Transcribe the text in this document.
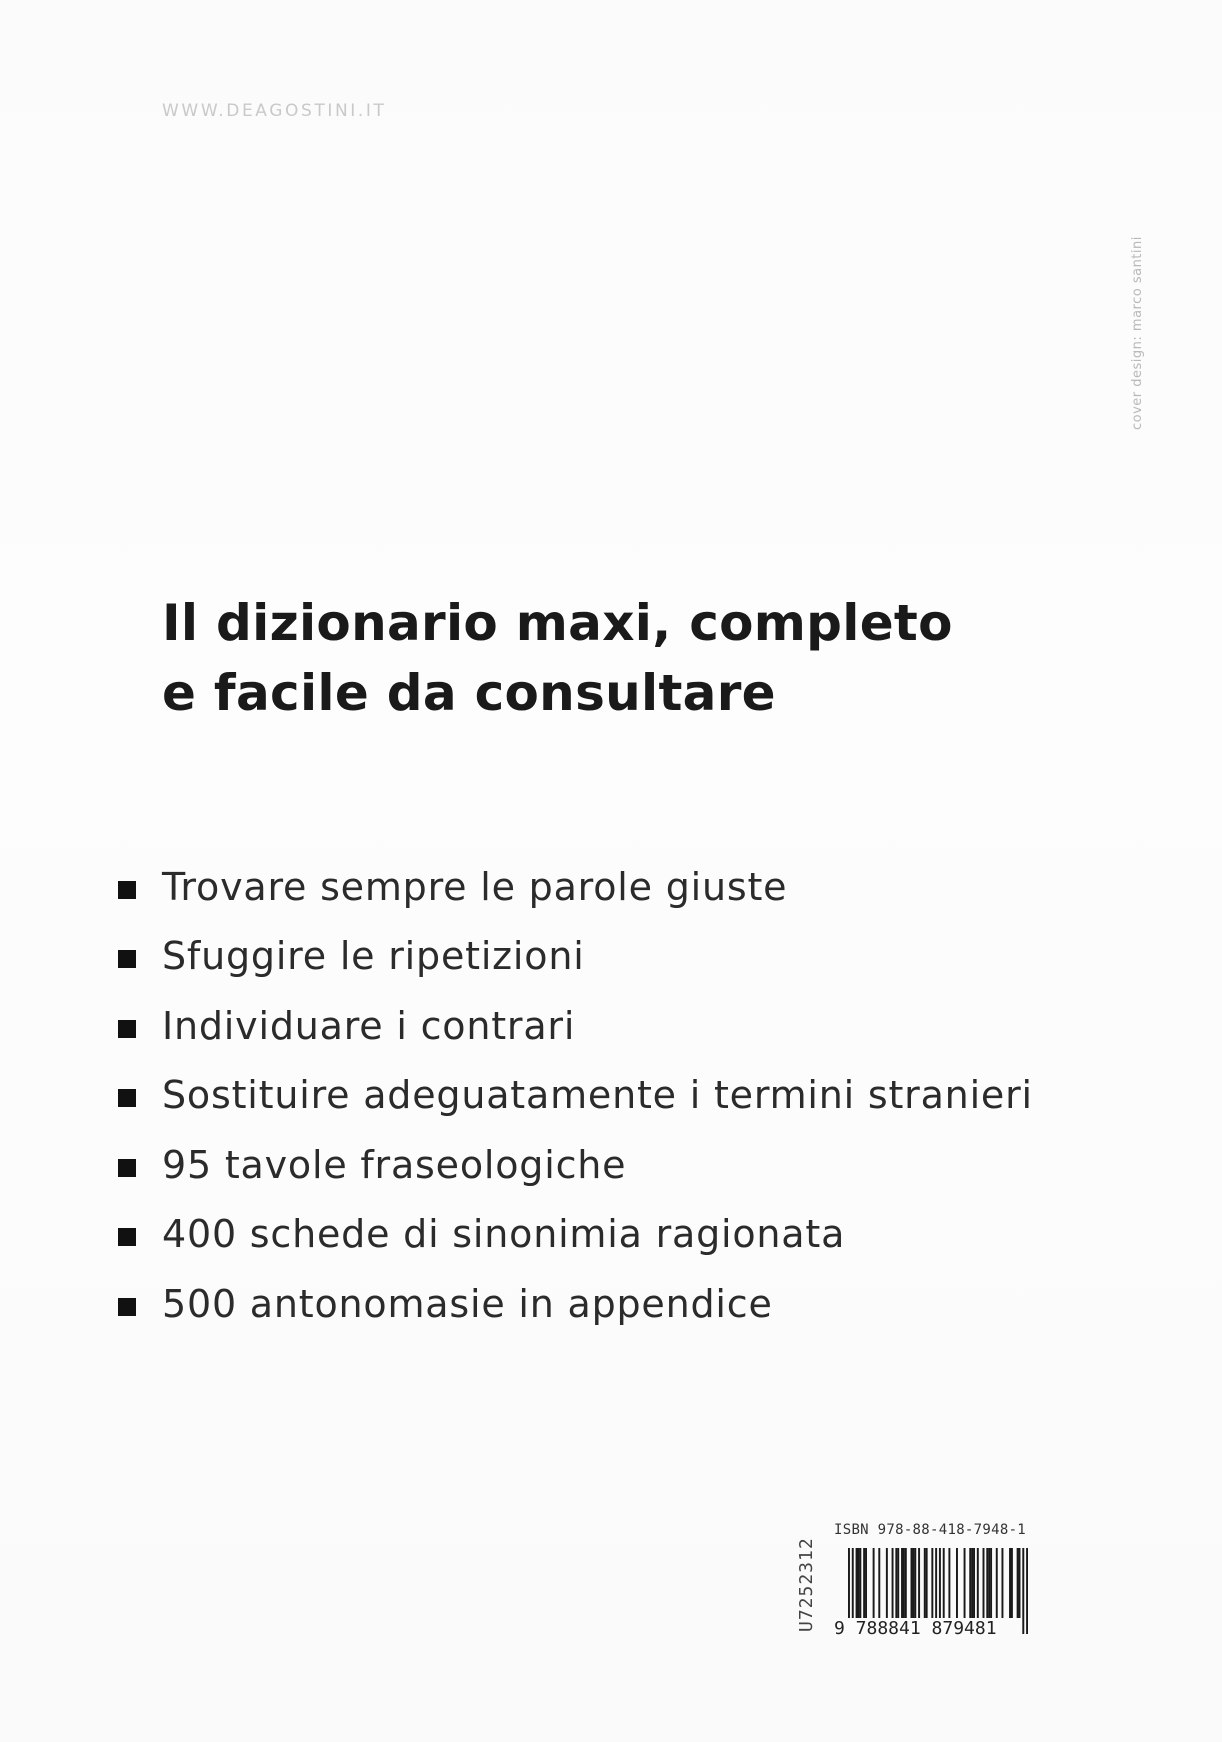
WWW.DEAGOSTINI.IT
cover design: marco santini
Il dizionario maxi, completo
e facile da consultare
Trovare sempre le parole giuste
Sfuggire le ripetizioni
Individuare i contrari
Sostituire adeguatamente i termini stranieri
95 tavole fraseologiche
400 schede di sinonimia ragionata
500 antonomasie in appendice
U7252312
ISBN 978-88-418-7948-1
9 788841 879481
